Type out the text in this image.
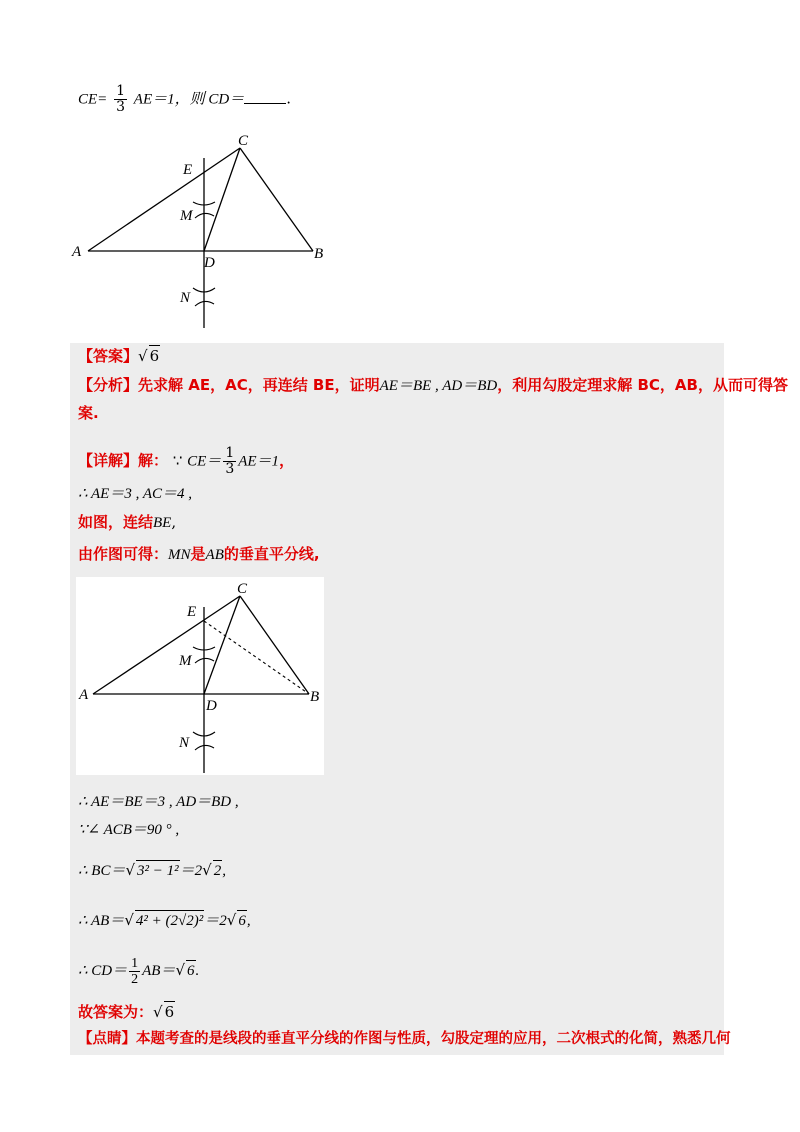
$CE= \frac{1}{3} AE=1$，则 CD＝	.
A	B
C
D
E
M
N
【答案】√ 6
【分析】先求解 AE，AC，再连结 BE，证明AE＝BE , AD＝BD，利用勾股定理求解 BC，AB，从而可得答
案.
【详解】解： ∵ $CE= \frac{1}{3} AE=1$，
∴ AE＝3 , AC＝4 ,
如图，连结BE,
由作图可得：MN是AB的垂直平分线,
A	B
C
D
E
M
N
∴ AE＝BE＝3 , AD＝BD ,
∵∠ ACB＝90 ° ,
∴ BC＝√ 3² − 1²＝2√ 2,
∴ AB＝√ 4² + (2√2)²＝2√ 6,
∴ $CD= \frac{1}{2} AB=√$ 6.
故答案为：√ 6
【点睛】本题考查的是线段的垂直平分线的作图与性质，勾股定理的应用，二次根式的化简，熟悉几何
